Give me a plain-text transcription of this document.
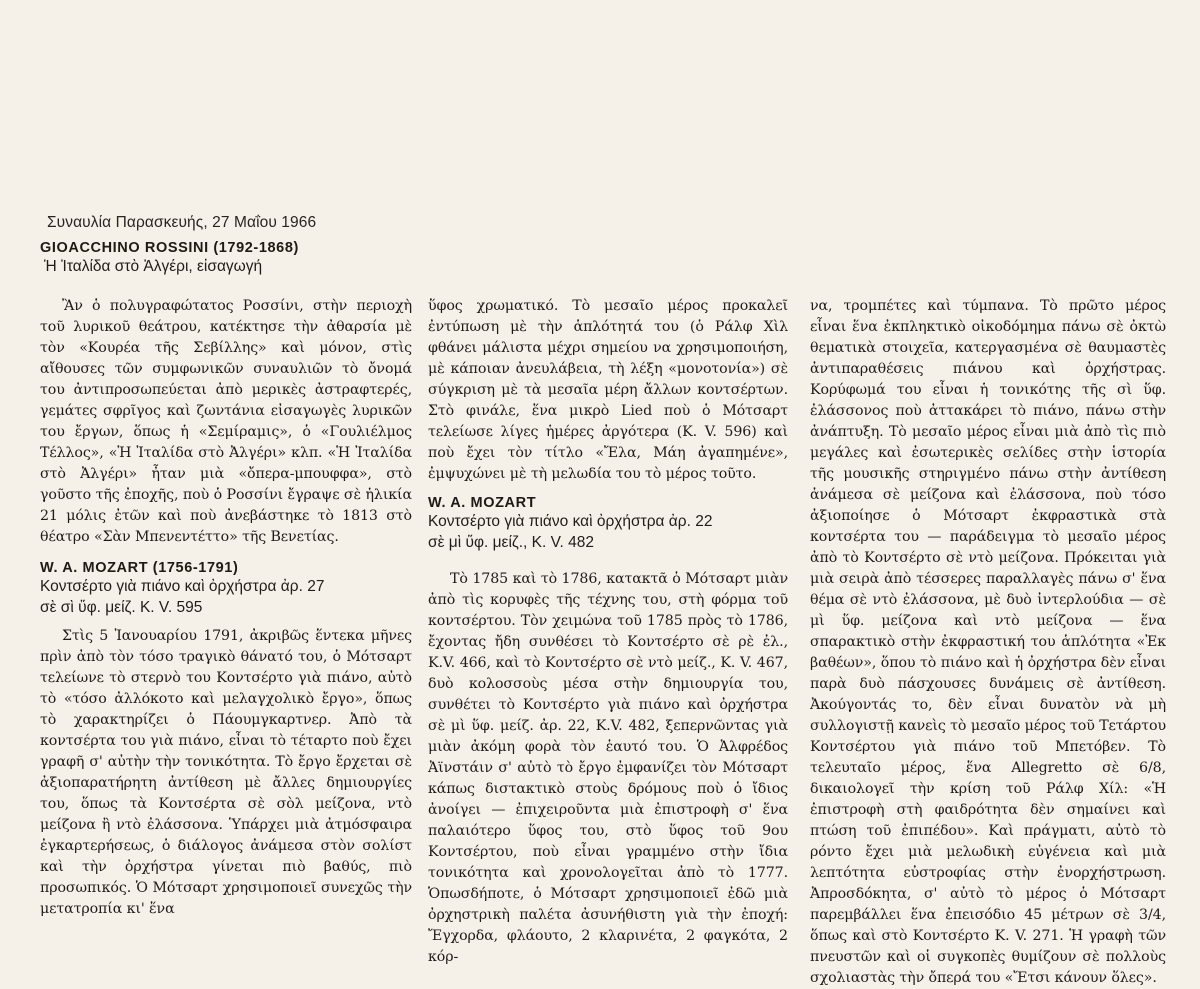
Συναυλία Παρασκευής, 27 Μαΐου 1966
GIOACCHINO ROSSINI (1792-1868)
Ἡ Ἰταλίδα στὸ Ἀλγέρι, εἰσαγωγή

Ἂν ὁ πολυγραφώτατος Ροσσίνι, στὴν περιοχὴ τοῦ λυρικοῦ θεάτρου, κατέκτησε τὴν ἀθαρσία μὲ τὸν «Κουρέα τῆς Σεβίλλης» καὶ μόνον, στὶς αἴθουσες τῶν συμφωνικῶν συναυλιῶν τὸ ὄνομά του ἀντιπροσωπεύεται ἀπὸ μερικὲς ἀστραφτερές, γεμάτες σφρῖγος καὶ ζωντάνια εἰσαγωγὲς λυρικῶν του ἔργων, ὅπως ἡ «Σεμίραμις», ὁ «Γουλιέλμος Τέλλος», «Ἡ Ἰταλίδα στὸ Ἀλγέρι» κλπ. «Ἡ Ἰταλίδα στὸ Ἀλγέρι» ἦταν μιὰ «ὄπερα-μπουφφα», στὸ γοῦστο τῆς ἐποχῆς, ποὺ ὁ Ροσσίνι ἔγραψε σὲ ἡλικία 21 μόλις ἐτῶν καὶ ποὺ ἀνεβάστηκε τὸ 1813 στὸ θέατρο «Σὰν Μπενεντέττο» τῆς Βενετίας.

W. A. MOZART (1756-1791)
Κοντσέρτο γιὰ πιάνο καὶ ὀρχήστρα ἀρ. 27
σὲ σὶ ὕφ. μείζ. Κ. V. 595

Στὶς 5 Ἰανουαρίου 1791, ἀκριβῶς ἕντεκα μῆνες πρὶν ἀπὸ τὸν τόσο τραγικὸ θάνατό του, ὁ Μότσαρτ τελείωνε τὸ στερνὸ του Κοντσέρτο γιὰ πιάνο, αὐτὸ τὸ «τόσο ἀλλόκοτο καὶ μελαγχολικὸ ἔργο», ὅπως τὸ χαρακτηρίζει ὁ Πάουμγκαρτνερ. Ἀπὸ τὰ κοντσέρτα του γιὰ πιάνο, εἶναι τὸ τέταρτο ποὺ ἔχει γραφῆ σ' αὐτὴν τὴν τονικότητα. Τὸ ἔργο ἔρχεται σὲ ἀξιοπαρατήρητη ἀντίθεση μὲ ἄλλες δημιουργίες του, ὅπως τὰ Κοντσέρτα σὲ σὸλ μείζονα, ντὸ μείζονα ἢ ντὸ ἐλάσσονα. Ὑπάρχει μιὰ ἀτμόσφαιρα ἐγκαρτερήσεως, ὁ διάλογος ἀνάμεσα στὸν σολίστ καὶ τὴν ὀρχήστρα γίνεται πιὸ βαθύς, πιὸ προσωπικός. Ὁ Μότσαρτ χρησιμοποιεῖ συνεχῶς τὴν μετατροπία κι' ἕνα

ὕφος χρωματικό. Τὸ μεσαῖο μέρος προκαλεῖ ἐντύπωση μὲ τὴν ἁπλότητά του (ὁ Ράλφ Χὶλ φθάνει μάλιστα μέχρι σημείου να χρησιμοποιήση, μὲ κάποιαν ἀνευλάβεια, τὴ λέξη «μονοτονία») σὲ σύγκριση μὲ τὰ μεσαῖα μέρη ἄλλων κοντσέρτων. Στὸ φινάλε, ἕνα μικρὸ Lied ποὺ ὁ Μότσαρτ τελείωσε λίγες ἡμέρες ἀργότερα (Κ. V. 596) καὶ ποὺ ἔχει τὸν τίτλο «Ἔλα, Μάη ἀγαπημένε», ἐμψυχώνει μὲ τὴ μελωδία του τὸ μέρος τοῦτο.

W. A. MOZART
Κοντσέρτο γιὰ πιάνο καὶ ὀρχήστρα ἀρ. 22
σὲ μὶ ὕφ. μείζ., Κ. V. 482

Τὸ 1785 καὶ τὸ 1786, κατακτᾶ ὁ Μότσαρτ μιὰν ἀπὸ τὶς κορυφὲς τῆς τέχνης του, στὴ φόρμα τοῦ κοντσέρτου. Τὸν χειμώνα τοῦ 1785 πρὸς τὸ 1786, ἔχοντας ἤδη συνθέσει τὸ Κοντσέρτο σὲ ρὲ ἐλ., Κ.V. 466, καὶ τὸ Κοντσέρτο σὲ ντὸ μείζ., Κ. V. 467, δυὸ κολοσσοὺς μέσα στὴν δημιουργία του, συνθέτει τὸ Κοντσέρτο γιὰ πιάνο καὶ ὀρχήστρα σὲ μὶ ὕφ. μείζ. ἀρ. 22, Κ.V. 482, ξεπερνῶντας γιὰ μιὰν ἀκόμη φορὰ τὸν ἑαυτό του. Ὁ Ἀλφρέδος Ἀϊνστάιν σ' αὐτὸ τὸ ἔργο ἐμφανίζει τὸν Μότσαρτ κάπως διστακτικὸ στοὺς δρόμους ποὺ ὁ ἴδιος ἀνοίγει — ἐπιχειροῦντα μιὰ ἐπιστροφὴ σ' ἕνα παλαιότερο ὕφος του, στὸ ὕφος τοῦ 9ου Κοντσέρτου, ποὺ εἶναι γραμμένο στὴν ἴδια τονικότητα καὶ χρονολογεῖται ἀπὸ τὸ 1777. Ὁπωσδήποτε, ὁ Μότσαρτ χρησιμοποιεῖ ἐδῶ μιὰ ὀρχηστρικὴ παλέτα ἀσυνήθιστη γιὰ τὴν ἐποχή: Ἔγχορδα, φλάουτο, 2 κλαρινέτα, 2 φαγκότα, 2 κόρ-

να, τρομπέτες καὶ τύμπανα. Τὸ πρῶτο μέρος εἶναι ἕνα ἐκπληκτικὸ οἰκοδόμημα πάνω σὲ ὀκτὼ θεματικὰ στοιχεῖα, κατεργασμένα σὲ θαυμαστὲς ἀντιπαραθέσεις πιάνου καὶ ὀρχήστρας. Κορύφωμά του εἶναι ἡ τονικότης τῆς σὶ ὕφ. ἐλάσσονος ποὺ ἀττακάρει τὸ πιάνο, πάνω στὴν ἀνάπτυξη. Τὸ μεσαῖο μέρος εἶναι μιὰ ἀπὸ τὶς πιὸ μεγάλες καὶ ἐσωτερικὲς σελίδες στὴν ἱστορία τῆς μουσικῆς στηριγμένο πάνω στὴν ἀντίθεση ἀνάμεσα σὲ μείζονα καὶ ἐλάσσονα, ποὺ τόσο ἀξιοποίησε ὁ Μότσαρτ ἐκφραστικὰ στὰ κοντσέρτα του — παράδειγμα τὸ μεσαῖο μέρος ἀπὸ τὸ Κοντσέρτο σὲ ντὸ μείζονα. Πρόκειται γιὰ μιὰ σειρὰ ἀπὸ τέσσερες παραλλαγὲς πάνω σ' ἕνα θέμα σὲ ντὸ ἐλάσσονα, μὲ δυὸ ἰντερλούδια — σὲ μὶ ὕφ. μείζονα καὶ ντὸ μείζονα — ἕνα σπαρακτικὸ στὴν ἐκφραστική του ἁπλότητα «Ἐκ βαθέων», ὅπου τὸ πιάνο καὶ ἡ ὀρχήστρα δὲν εἶναι παρὰ δυὸ πάσχουσες δυνάμεις σὲ ἀντίθεση. Ἀκούγοντάς το, δὲν εἶναι δυνατὸν νὰ μὴ συλλογιστῇ κανεὶς τὸ μεσαῖο μέρος τοῦ Τετάρτου Κοντσέρτου γιὰ πιάνο τοῦ Μπετόβεν. Τὸ τελευταῖο μέρος, ἕνα Allegretto σὲ 6/8, δικαιολογεῖ τὴν κρίση τοῦ Ράλφ Χίλ: «Ἡ ἐπιστροφὴ στὴ φαιδρότητα δὲν σημαίνει καὶ πτώση τοῦ ἐπιπέδου». Καὶ πράγματι, αὐτὸ τὸ ρόντο ἔχει μιὰ μελωδικὴ εὐγένεια καὶ μιὰ λεπτότητα εὐστροφίας στὴν ἐνορχήστρωση. Ἀπροσδόκητα, σ' αὐτὸ τὸ μέρος ὁ Μότσαρτ παρεμβάλλει ἕνα ἐπεισόδιο 45 μέτρων σὲ 3/4, ὅπως καὶ στὸ Κοντσέρτο Κ. V. 271. Ἡ γραφὴ τῶν πνευστῶν καὶ οἱ συγκοπὲς θυμίζουν σὲ πολλοὺς σχολιαστὰς τὴν ὄπερά του «Ἔτσι κάνουν ὅλες».
